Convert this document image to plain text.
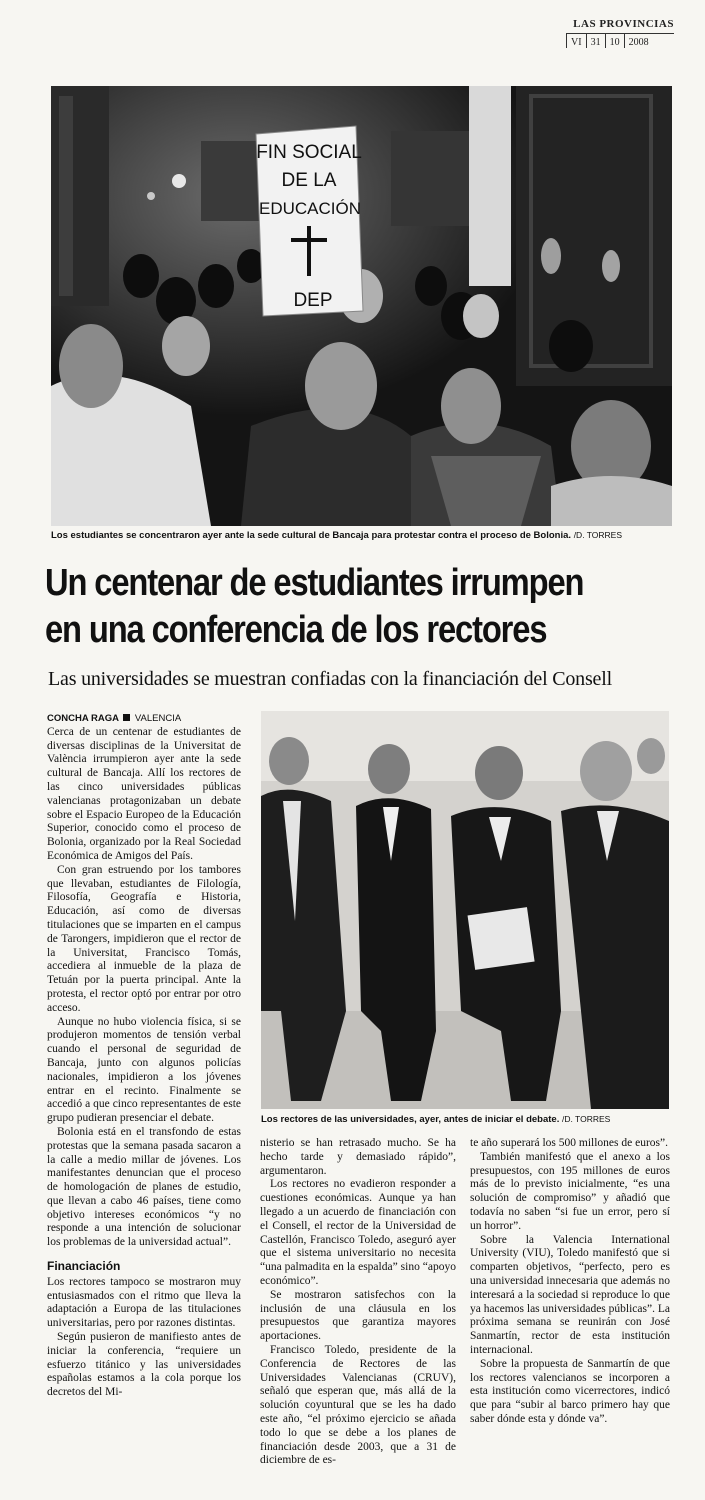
LAS PROVINCIAS
VI 31 10 2008
FIN SOCIAL
DE LA
EDUCACIÓN
DEP
Los estudiantes se concentraron ayer ante la sede cultural de Bancaja para protestar contra el proceso de Bolonia. /D. TORRES
Un centenar de estudiantes irrumpen
en una conferencia de los rectores
Las universidades se muestran confiadas con la financiación del Consell
CONCHA RAGA VALENCIA

Cerca de un centenar de estudiantes de diversas disciplinas de la Universitat de València irrumpieron ayer ante la sede cultural de Bancaja. Allí los rectores de las cinco universidades públicas valencianas protagonizaban un debate sobre el Espacio Europeo de la Educación Superior, conocido como el proceso de Bolonia, organizado por la Real Sociedad Económica de Amigos del País.

Con gran estruendo por los tambores que llevaban, estudiantes de Filología, Filosofía, Geografía e Historia, Educación, así como de diversas titulaciones que se imparten en el campus de Tarongers, impidieron que el rector de la Universitat, Francisco Tomás, accediera al inmueble de la plaza de Tetuán por la puerta principal. Ante la protesta, el rector optó por entrar por otro acceso.

Aunque no hubo violencia física, si se produjeron momentos de tensión verbal cuando el personal de seguridad de Bancaja, junto con algunos policías nacionales, impidieron a los jóvenes entrar en el recinto. Finalmente se accedió a que cinco representantes de este grupo pudieran presenciar el debate.

Bolonia está en el transfondo de estas protestas que la semana pasada sacaron a la calle a medio millar de jóvenes. Los manifestantes denuncian que el proceso de homologación de planes de estudio, que llevan a cabo 46 países, tiene como objetivo intereses económicos “y no responde a una intención de solucionar los problemas de la universidad actual”.

Financiación

Los rectores tampoco se mostraron muy entusiasmados con el ritmo que lleva la adaptación a Europa de las titulaciones universitarias, pero por razones distintas.

Según pusieron de manifiesto antes de iniciar la conferencia, “requiere un esfuerzo titánico y las universidades españolas estamos a la cola porque los decretos del Mi-

Los rectores de las universidades, ayer, antes de iniciar el debate. /D. TORRES

nisterio se han retrasado mucho. Se ha hecho tarde y demasiado rápido”, argumentaron.

Los rectores no evadieron responder a cuestiones económicas. Aunque ya han llegado a un acuerdo de financiación con el Consell, el rector de la Universidad de Castellón, Francisco Toledo, aseguró ayer que el sistema universitario no necesita “una palmadita en la espalda” sino “apoyo económico”.

Se mostraron satisfechos con la inclusión de una cláusula en los presupuestos que garantiza mayores aportaciones.

Francisco Toledo, presidente de la Conferencia de Rectores de las Universidades Valencianas (CRUV), señaló que esperan que, más allá de la solución coyuntural que se les ha dado este año, “el próximo ejercicio se añada todo lo que se debe a los planes de financiación desde 2003, que a 31 de diciembre de es-

te año superará los 500 millones de euros”.

También manifestó que el anexo a los presupuestos, con 195 millones de euros más de lo previsto inicialmente, “es una solución de compromiso” y añadió que todavía no saben “si fue un error, pero sí un horror”.

Sobre la Valencia International University (VIU), Toledo manifestó que si comparten objetivos, “perfecto, pero es una universidad innecesaria que además no interesará a la sociedad si reproduce lo que ya hacemos las universidades públicas”. La próxima semana se reunirán con José Sanmartín, rector de esta institución internacional.

Sobre la propuesta de Sanmartín de que los rectores valencianos se incorporen a esta institución como vicerrectores, indicó que para “subir al barco primero hay que saber dónde esta y dónde va”.
